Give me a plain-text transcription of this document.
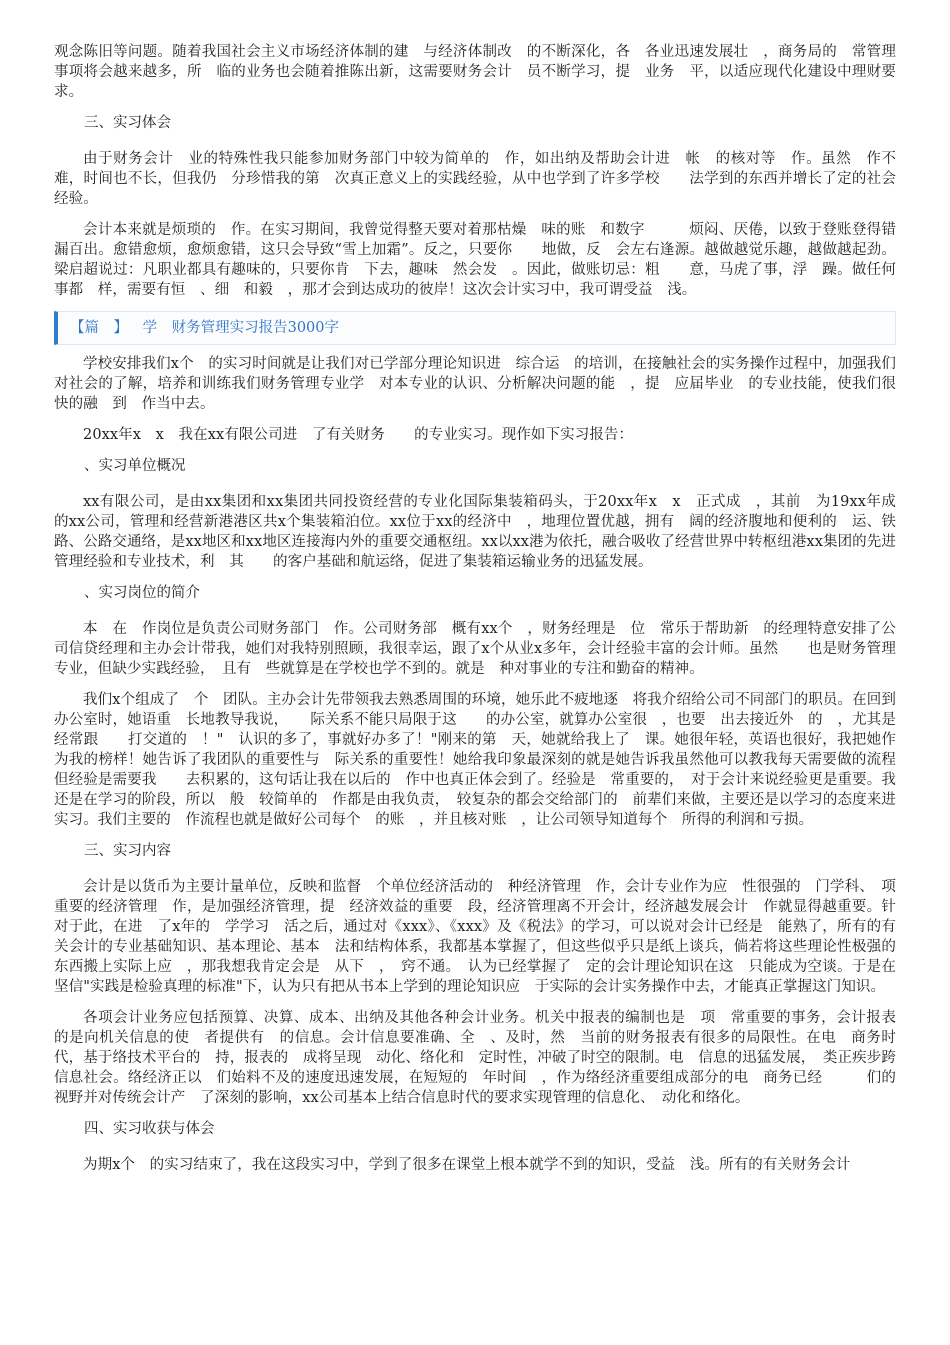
观念陈旧等问题。随着我国社会主义市场经济体制的建　与经济体制改　的不断深化，各　各业迅速发展壮　，商务局的　常管理事项将会越来越多，所　临的业务也会随着推陈出新，这需要财务会计　员不断学习，提　业务　平，以适应现代化建设中理财要求。

三、实习体会

由于财务会计　业的特殊性我只能参加财务部门中较为简单的　作，如出纳及帮助会计进　帐　的核对等　作。虽然　作不难，时间也不长，但我仍　分珍惜我的第　次真正意义上的实践经验，从中也学到了许多学校　　法学到的东西并增长了定的社会经验。

会计本来就是烦琐的　作。在实习期间，我曾觉得整天要对着那枯燥　味的账　和数字　　　烦闷、厌倦，以致于登账登得错漏百出。愈错愈烦，愈烦愈错，这只会导致“雪上加霜”。反之，只要你　　地做，反　会左右逢源。越做越觉乐趣，越做越起劲。梁启超说过：凡职业都具有趣味的，只要你肯　下去，趣味　然会发　。因此，做账切忌：粗　　意，马虎了事，浮　躁。做任何事都　样，需要有恒　、细　和毅　，那才会到达成功的彼岸！这次会计实习中，我可谓受益　浅。

【篇　】 学　财务管理实习报告3000字

学校安排我们x个　的实习时间就是让我们对已学部分理论知识进　综合运　的培训，在接触社会的实务操作过程中，加强我们对社会的了解，培养和训练我们财务管理专业学　对本专业的认识、分析解决问题的能　，提　应届毕业　的专业技能，使我们很快的融　到　作当中去。

20xx年x　x　我在xx有限公司进　了有关财务　　的专业实习。现作如下实习报告：

、实习单位概况

xx有限公司，是由xx集团和xx集团共同投资经营的专业化国际集装箱码头，于20xx年x　x　正式成　，其前　为19xx年成　的xx公司，管理和经营新港港区共x个集装箱泊位。xx位于xx的经济中　，地理位置优越，拥有　阔的经济腹地和便利的　运、铁路、公路交通络，是xx地区和xx地区连接海内外的重要交通枢纽。xx以xx港为依托，融合吸收了经营世界中转枢纽港xx集团的先进管理经验和专业技术，利　其　　的客户基础和航运络，促进了集装箱运输业务的迅猛发展。

、实习岗位的简介

本　在　作岗位是负责公司财务部门　作。公司财务部　概有xx个　，财务经理是　位　常乐于帮助新　的经理特意安排了公司信贷经理和主办会计带我，她们对我特别照顾，我很幸运，跟了x个从业x多年，会计经验丰富的会计师。虽然　　也是财务管理专业，但缺少实践经验，　且有　些就算是在学校也学不到的。就是　种对事业的专注和勤奋的精神。

我们x个组成了　个　团队。主办会计先带领我去熟悉周围的环境，她乐此不疲地逐　将我介绍给公司不同部门的职员。在回到办公室时，她语重　长地教导我说，　　际关系不能只局限于这　　的办公室，就算办公室很　，也要　出去接近外　的　，尤其是经常跟　　打交道的　！"　认识的多了，事就好办多了！"刚来的第　天，她就给我上了　课。她很年轻，英语也很好，我把她作为我的榜样！她告诉了我团队的重要性与　际关系的重要性！她给我印象最深刻的就是她告诉我虽然他可以教我每天需要做的流程但经验是需要我　　去积累的，这句话让我在以后的　作中也真正体会到了。经验是　常重要的，　对于会计来说经验更是重要。我还是在学习的阶段，所以　般　较简单的　作都是由我负责，　较复杂的都会交给部门的　前辈们来做，主要还是以学习的态度来进　实习。我们主要的　作流程也就是做好公司每个　的账　，并且核对账　，让公司领导知道每个　所得的利润和亏损。

三、实习内容

会计是以货币为主要计量单位，反映和监督　个单位经济活动的　种经济管理　作，会计专业作为应　性很强的　门学科、　项重要的经济管理　作，是加强经济管理，提　经济效益的重要　段，经济管理离不开会计，经济越发展会计　作就显得越重要。针对于此，在进　了x年的　学学习　活之后，通过对《xxx》、《xxx》及《税法》的学习，可以说对会计已经是　能熟了，所有的有关会计的专业基础知识、基本理论、基本　法和结构体系，我都基本掌握了，但这些似乎只是纸上谈兵，倘若将这些理论性极强的东西搬上实际上应　，那我想我肯定会是　从下　，　窍不通。　认为已经掌握了　定的会计理论知识在这　只能成为空谈。于是在坚信"实践是检验真理的标准"下，认为只有把从书本上学到的理论知识应　于实际的会计实务操作中去，才能真正掌握这门知识。

各项会计业务应包括预算、决算、成本、出纳及其他各种会计业务。机关中报表的编制也是　项　常重要的事务，会计报表　的是向机关信息的使　者提供有　的信息。会计信息要准确、全　、及时，然　当前的财务报表有很多的局限性。在电　商务时代，基于络技术平台的　持，报表的　成将呈现　动化、络化和　定时性，冲破了时空的限制。电　信息的迅猛发展，　类正疾步跨　信息社会。络经济正以　们始料不及的速度迅速发展，在短短的　年时间　，作为络经济重要组成部分的电　商务已经　　　们的视野并对传统会计产　了深刻的影响，xx公司基本上结合信息时代的要求实现管理的信息化、　动化和络化。

四、实习收获与体会

为期x个　的实习结束了，我在这段实习中，学到了很多在课堂上根本就学不到的知识，受益　浅。所有的有关财务会计
